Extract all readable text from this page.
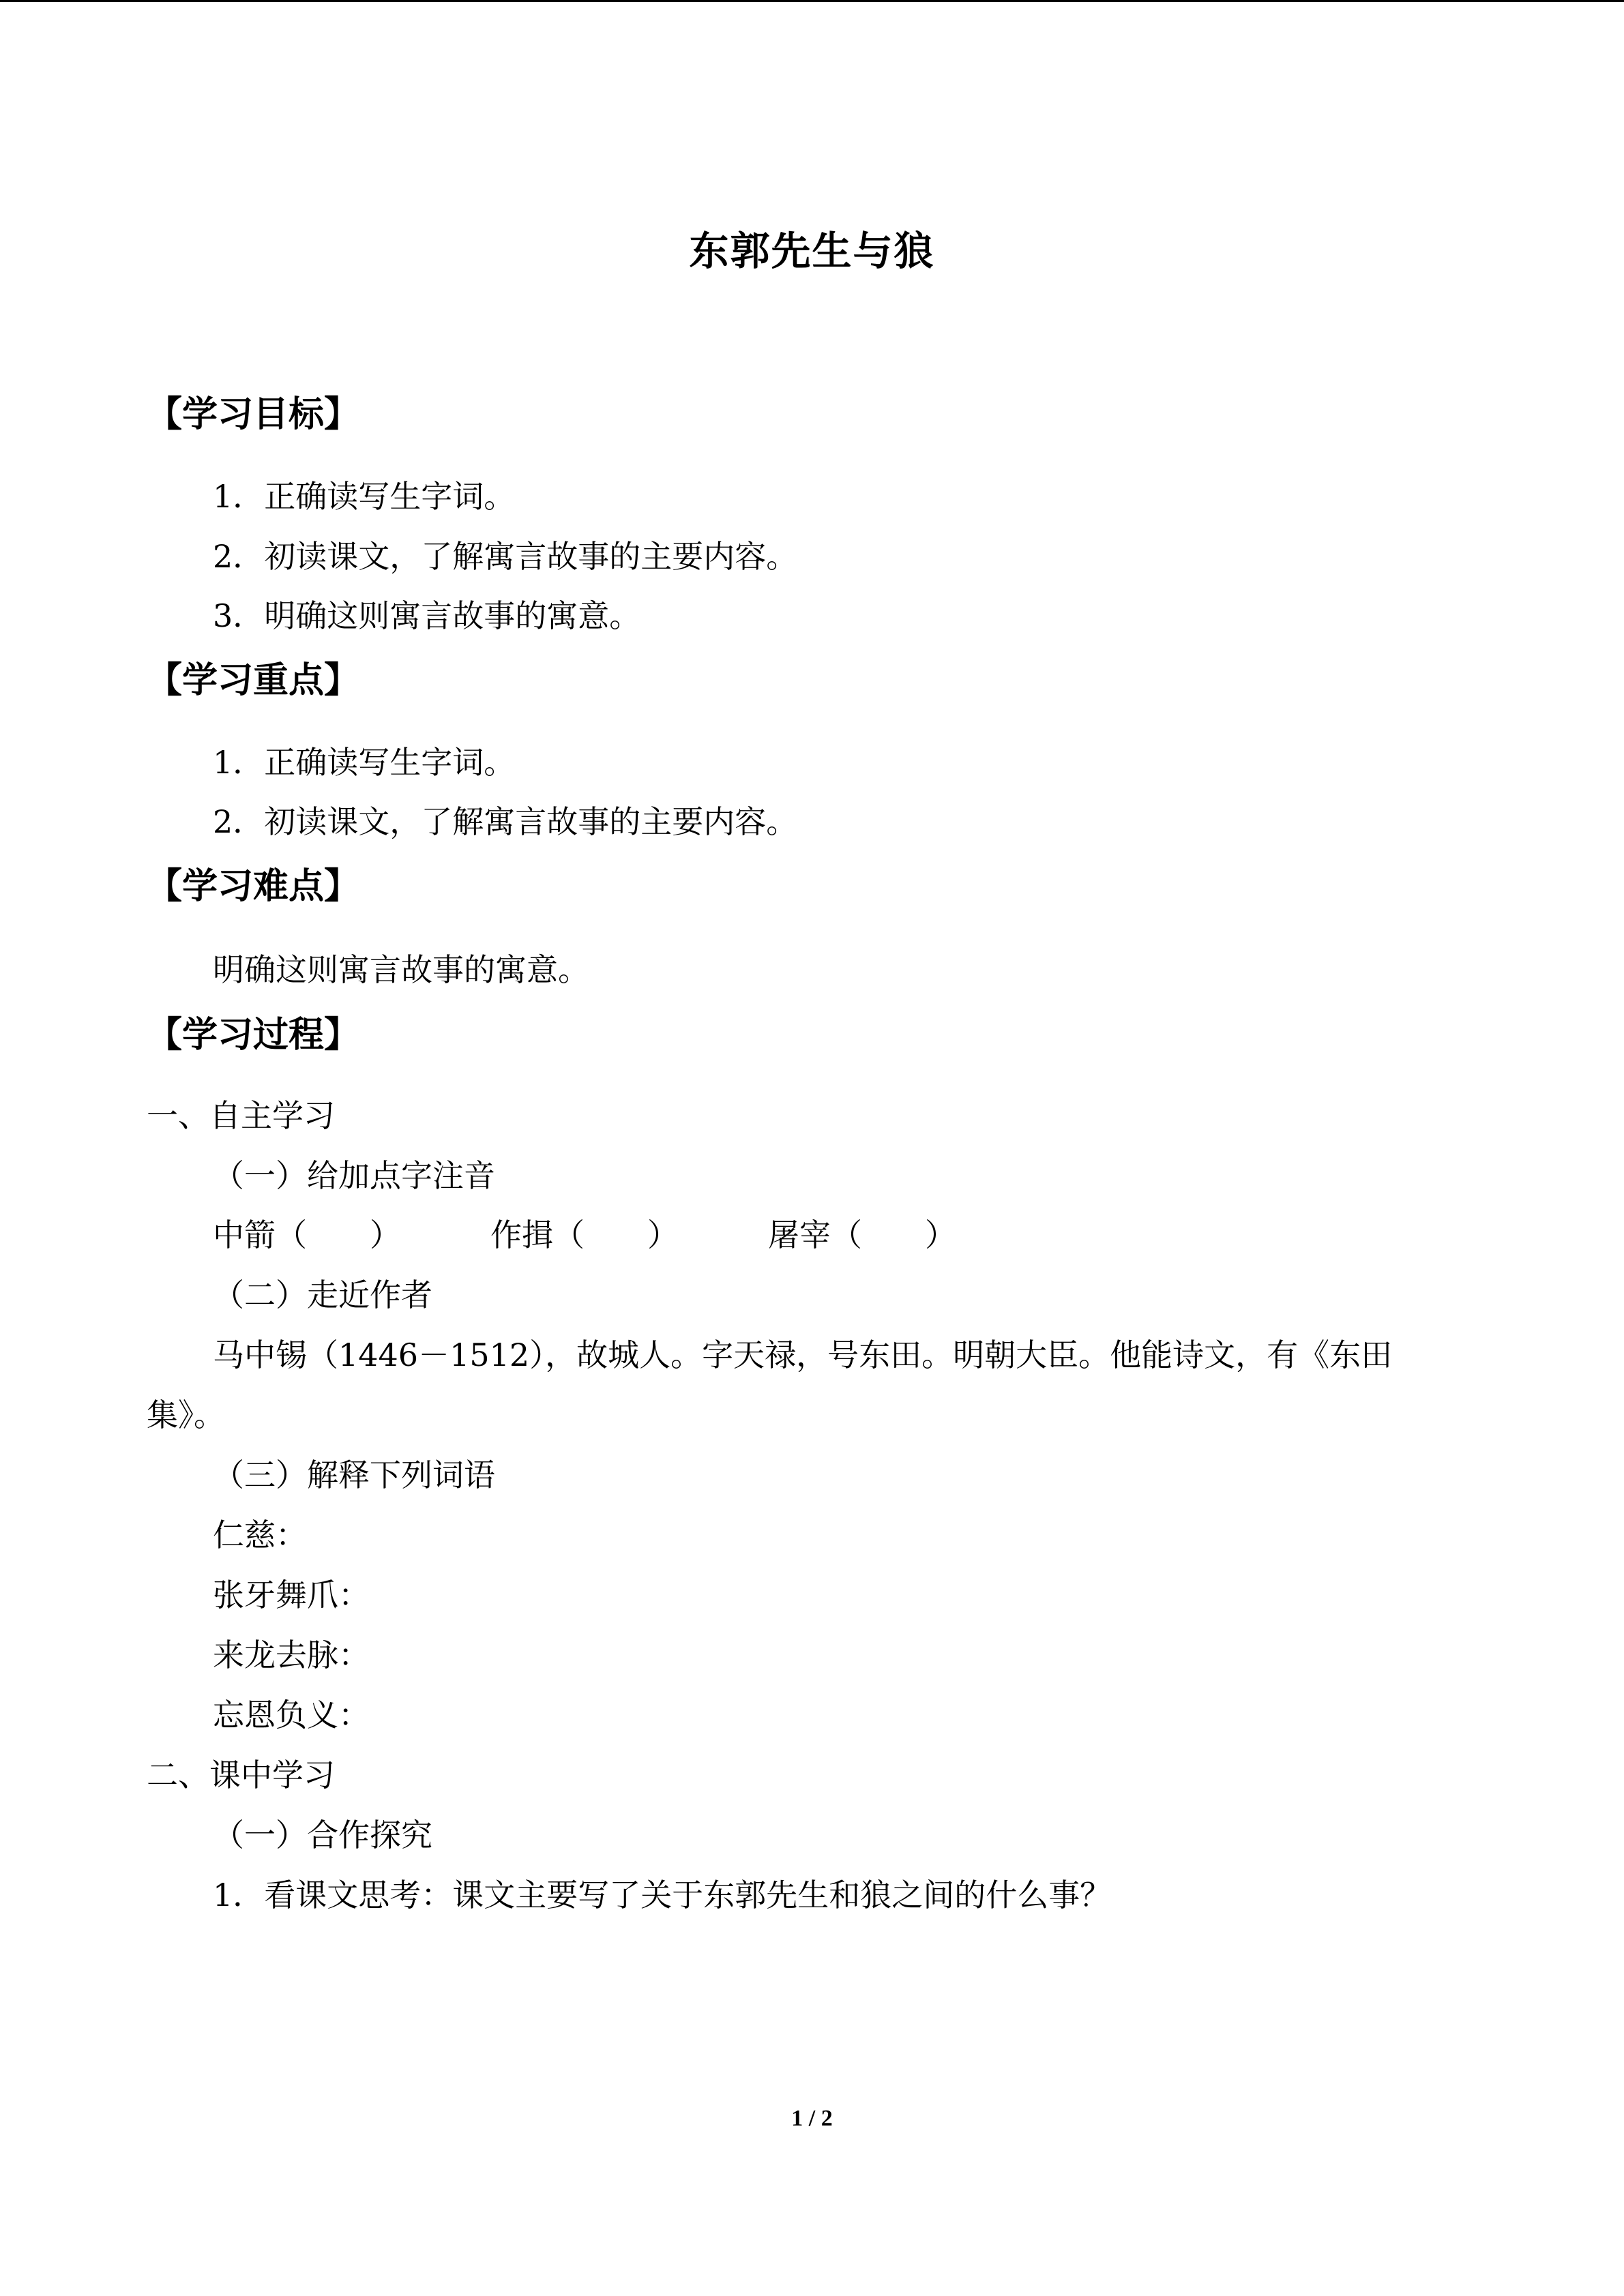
东郭先生与狼
【学习目标】
1．正确读写生字词。
2．初读课文，了解寓言故事的主要内容。
3．明确这则寓言故事的寓意。
【学习重点】
1．正确读写生字词。
2．初读课文，了解寓言故事的主要内容。
【学习难点】
明确这则寓言故事的寓意。
【学习过程】
一、自主学习
（一）给加点字注音
中箭（　　）	作揖（　　）	屠宰（　　）
（二）走近作者
马中锡（1446－1512），故城人。字天禄，号东田。明朝大臣。他能诗文，有《东田
集》。
（三）解释下列词语
仁慈：
张牙舞爪：
来龙去脉：
忘恩负义：
二、课中学习
（一）合作探究
1．看课文思考：课文主要写了关于东郭先生和狼之间的什么事？
1 / 2
